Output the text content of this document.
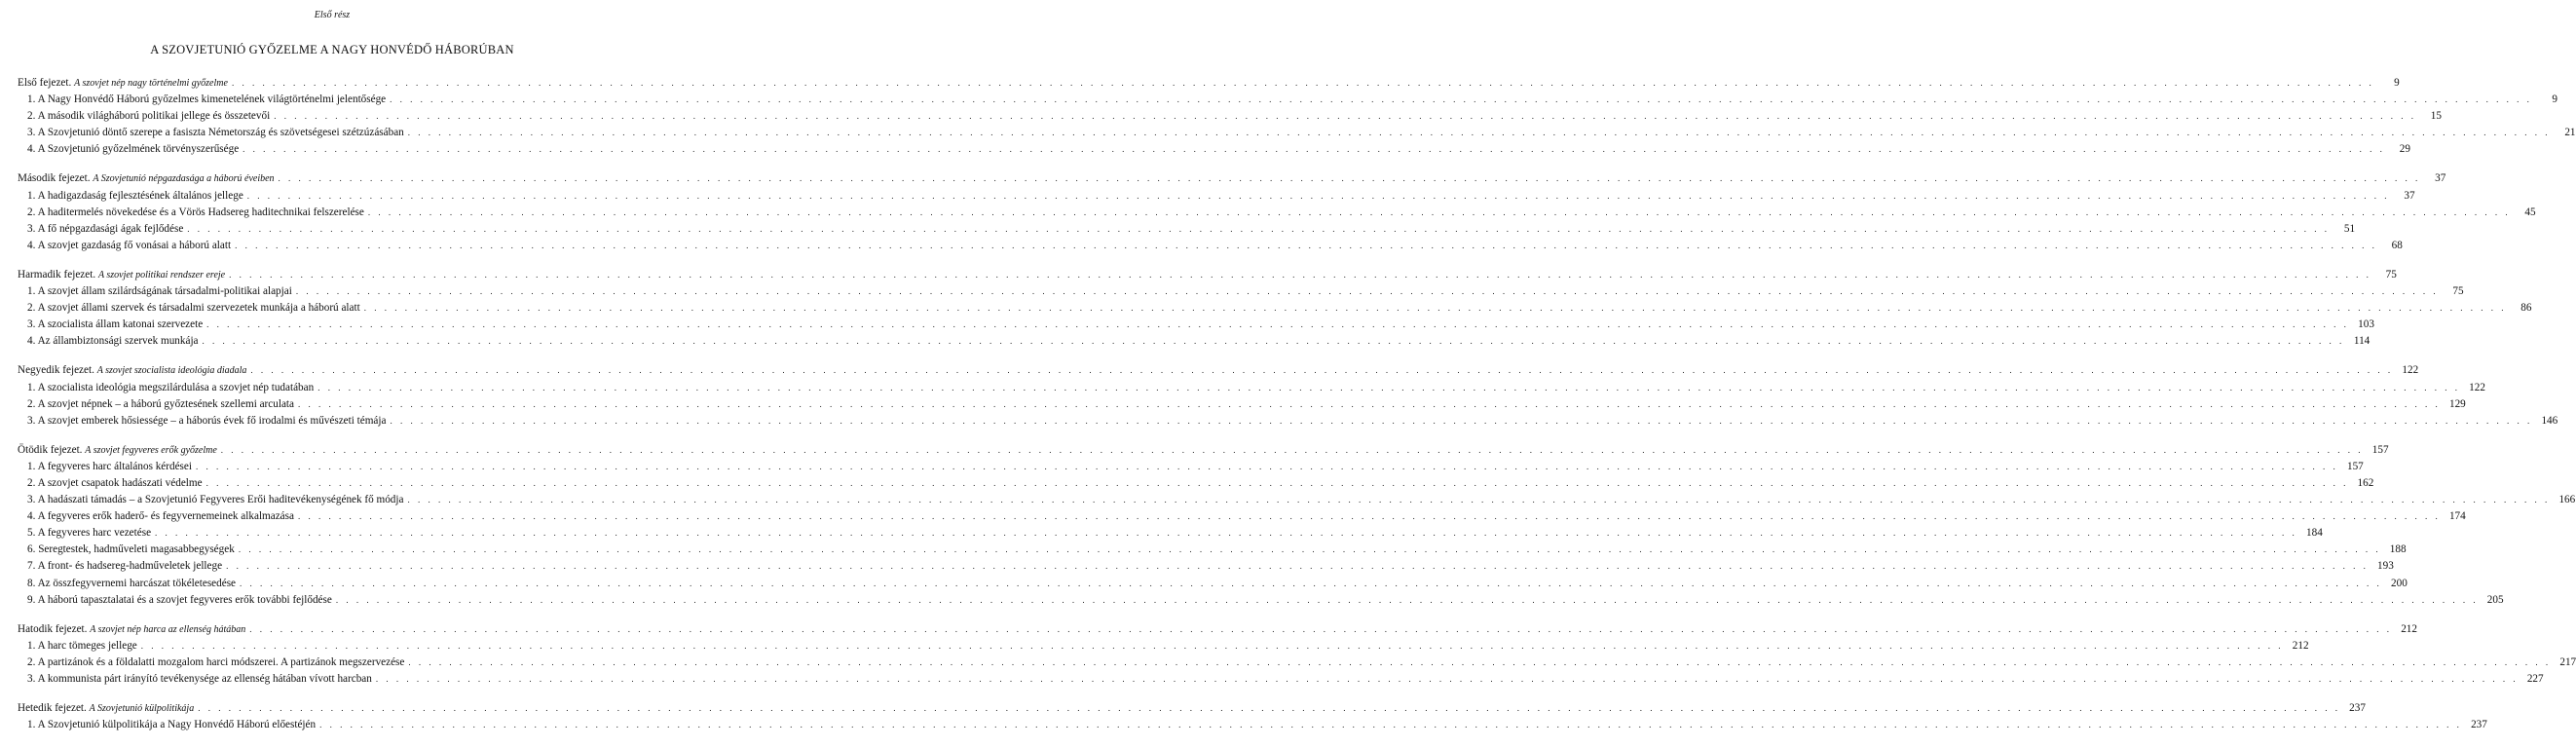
Első rész
A SZOVJETUNIÓ GYŐZELME A NAGY HONVÉDŐ HÁBORÚBAN
Első fejezet. A szovjet nép nagy történelmi győzelme . . .	9
1. A Nagy Honvédő Háború győzelmes kimenetelének világtörténelmi jelentősége . . .	9
2. A második világháború politikai jellege és összetevői . . .	15
3. A Szovjetunió döntő szerepe a fasiszta Németország és szövetségesei szétzúzásában . . .	21
4. A Szovjetunió győzelmének törvényszerűsége . . .	29
Második fejezet. A Szovjetunió népgazdasága a háború éveiben . . .	37
1. A hadigazdaság fejlesztésének általános jellege . . .	37
2. A haditermelés növekedése és a Vörös Hadsereg haditechnikai felszerelése . . .	45
3. A fő népgazdasági ágak fejlődése . . .	51
4. A szovjet gazdaság fő vonásai a háború alatt . . .	68
Harmadik fejezet. A szovjet politikai rendszer ereje . . .	75
1. A szovjet állam szilárdságának társadalmi-politikai alapjai . . .	75
2. A szovjet állami szervek és társadalmi szervezetek munkája a háború alatt . . .	86
3. A szocialista állam katonai szervezete . . .	103
4. Az állambiztonsági szervek munkája . . .	114
Negyedik fejezet. A szovjet szocialista ideológia diadala . . .	122
1. A szocialista ideológia megszilárdulása a szovjet nép tudatában . . .	122
2. A szovjet népnek – a háború győztesének szellemi arculata . . .	129
3. A szovjet emberek hősiessége – a háborús évek fő irodalmi és művészeti témája . . .	146
Ötödik fejezet. A szovjet fegyveres erők győzelme . . .	157
1. A fegyveres harc általános kérdései . . .	157
2. A szovjet csapatok hadászati védelme . . .	162
3. A hadászati támadás – a Szovjetunió Fegyveres Erői haditevékenységének fő módja . . .	166
4. A fegyveres erők haderő- és fegyvernemeinek alkalmazása . . .	174
5. A fegyveres harc vezetése . . .	184
6. Seregtestek, hadműveleti magasabbegységek . . .	188
7. A front- és hadsereg-hadműveletek jellege . . .	193
8. Az összfegyvernemi harcászat tökéletesedése . . .	200
9. A háború tapasztalatai és a szovjet fegyveres erők további fejlődése . . .	205
Hatodik fejezet. A szovjet nép harca az ellenség hátában . . .	212
1. A harc tömeges jellege . . .	212
2. A partizánok és a földalatti mozgalom harci módszerei. A partizánok megszervezése . . .	217
3. A kommunista párt irányító tevékenysége az ellenség hátában vívott harcban . . .	227
Hetedik fejezet. A Szovjetunió külpolitikája . . .	237
1. A Szovjetunió külpolitikája a Nagy Honvédő Háború előestéjén . . .	237
